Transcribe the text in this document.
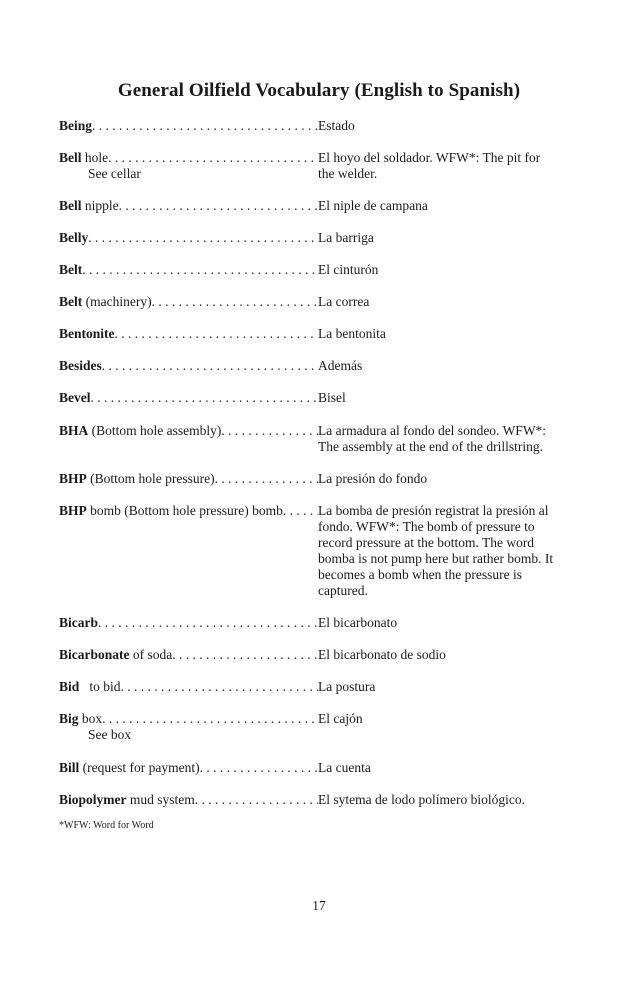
General Oilfield Vocabulary (English to Spanish)
Being . . .	Estado
Bell hole . . .	El hoyo del soldador. WFW*: The pit for
the welder.
See cellar
Bell nipple . . .	El niple de campana
Belly . . .	La barriga
Belt . . .	El cinturón
Belt (machinery) . . .	La correa
Bentonite . . .	La bentonita
Besides . . .	Además
Bevel . . .	Bisel
BHA (Bottom hole assembly) . . .	La armadura al fondo del sondeo. WFW*:
The assembly at the end of the drillstring.
BHP (Bottom hole pressure) . . .	La presión do fondo
BHP bomb (Bottom hole pressure) bomb . . .	La bomba de presión registrat la presión al
fondo. WFW*: The bomb of pressure to
record pressure at the bottom. The word
bomba is not pump here but rather bomb. It
becomes a bomb when the pressure is
captured.
Bicarb . . .	El bicarbonato
Bicarbonate of soda . . .	El bicarbonato de sodio
Bid   to bid . . .	La postura
Big box . . .	El cajón
See box
Bill (request for payment) . . .	La cuenta
Biopolymer mud system . . .	El sytema de lodo polímero biológico.
*WFW: Word for Word
17
